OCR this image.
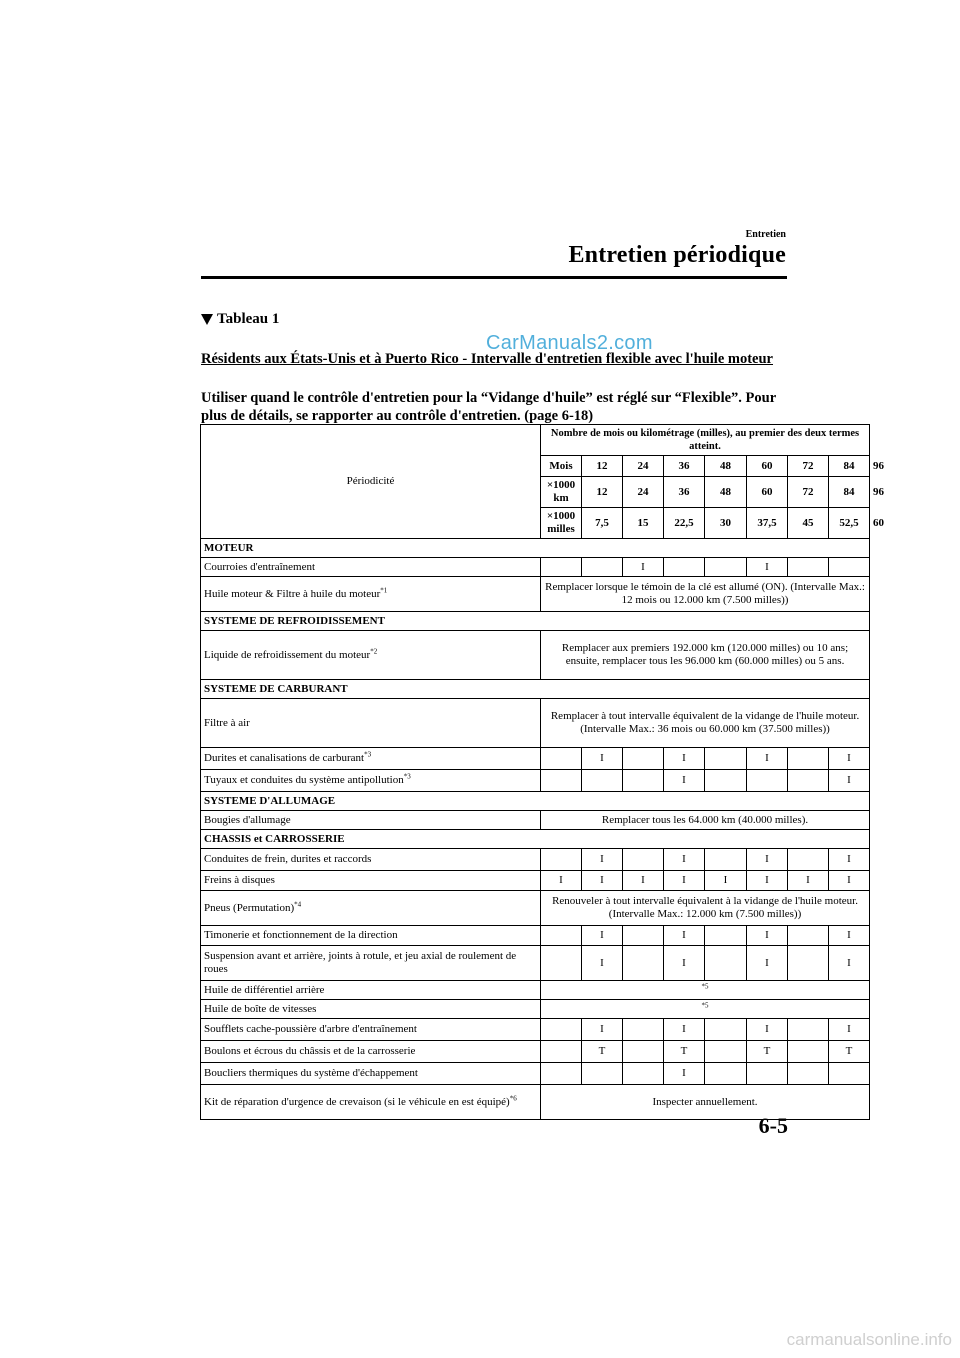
Entretien
Entretien périodique
Tableau 1
CarManuals2.com
Résidents aux États-Unis et à Puerto Rico - Intervalle d'entretien flexible avec l'huile moteur
Utiliser quand le contrôle d'entretien pour la “Vidange d'huile” est réglé sur “Flexible”. Pour plus de détails, se rapporter au contrôle d'entretien. (page 6-18)
Périodicité	Nombre de mois ou kilométrage (milles), au premier des deux termes atteint.								
	Mois	12	24	36	48	60	72	84	96
	×1000 km	12	24	36	48	60	72	84	96
	×1000 milles	7,5	15	22,5	30	37,5	45	52,5	60
MOTEUR									
Courroies d'entraînement			I			I			
Huile moteur & Filtre à huile du moteur$^{*1}$	Remplacer lorsque le témoin de la clé est allumé (ON). (Intervalle Max.: 12 mois ou 12.000 km (7.500 milles))								
SYSTEME DE REFROIDISSEMENT									
Liquide de refroidissement du moteur$^{*2}$	Remplacer aux premiers 192.000 km (120.000 milles) ou 10 ans; ensuite, remplacer tous les 96.000 km (60.000 milles) ou 5 ans.								
SYSTEME DE CARBURANT									
Filtre à air	Remplacer à tout intervalle équivalent de la vidange de l'huile moteur. (Intervalle Max.: 36 mois ou 60.000 km (37.500 milles))								
Durites et canalisations de carburant$^{*3}$		I		I		I		I	
Tuyaux et conduites du système antipollution$^{*3}$				I				I	
SYSTEME D'ALLUMAGE									
Bougies d'allumage	Remplacer tous les 64.000 km (40.000 milles).								
CHASSIS et CARROSSERIE									
Conduites de frein, durites et raccords		I		I		I		I	
Freins à disques	I	I	I	I	I	I	I	I	
Pneus (Permutation)$^{*4}$	Renouveler à tout intervalle équivalent à la vidange de l'huile moteur. (Intervalle Max.: 12.000 km (7.500 milles))								
Timonerie et fonctionnement de la direction		I		I		I		I	
Suspension avant et arrière, joints à rotule, et jeu axial de roulement de roues		I		I		I		I	
Huile de différentiel arrière	$^{*5}$
Huile de boîte de vitesses	$^{*5}$
Soufflets cache-poussière d'arbre d'entraînement		I		I		I		I	
Boulons et écrous du châssis et de la carrosserie		T		T		T		T	
Boucliers thermiques du système d'échappement				I					
Kit de réparation d'urgence de crevaison (si le véhicule en est équipé)$^{*6}$	Inspecter annuellement.								
6-5
carmanualsonline.info
